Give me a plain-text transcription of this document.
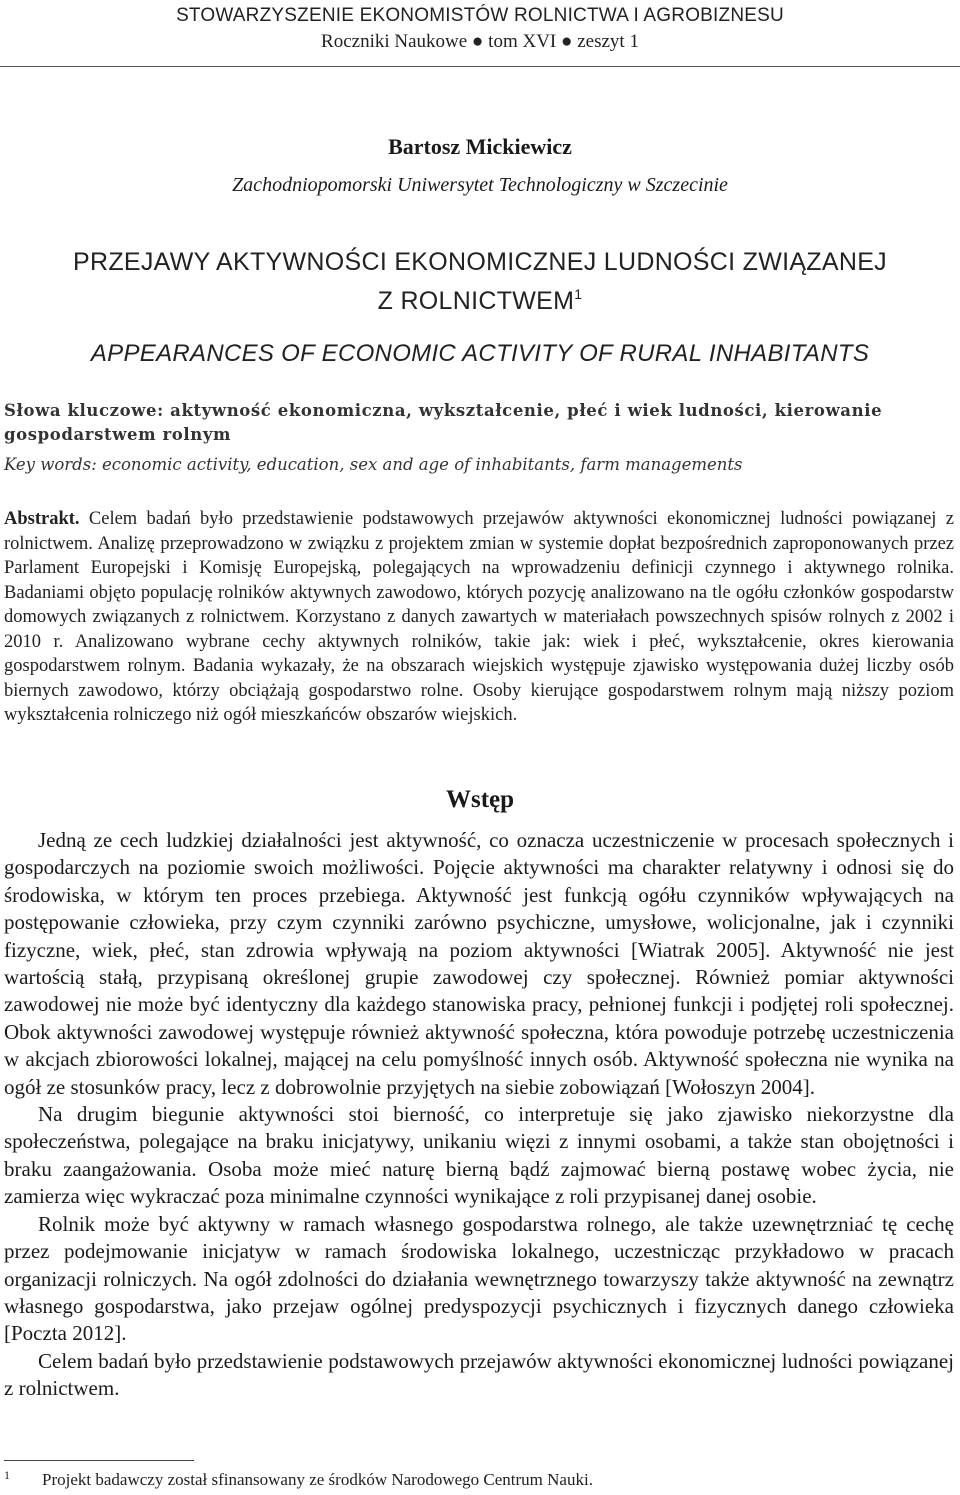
STOWARZYSZENIE EKONOMISTÓW ROLNICTWA I AGROBIZNESU
Roczniki Naukowe ● tom XVI ● zeszyt 1
Bartosz Mickiewicz
Zachodniopomorski Uniwersytet Technologiczny w Szczecinie
PRZEJAWY AKTYWNOŚCI EKONOMICZNEJ LUDNOŚCI ZWIĄZANEJ
Z ROLNICTWEM$^1$
APPEARANCES OF ECONOMIC ACTIVITY OF RURAL INHABITANTS
Słowa kluczowe: aktywność ekonomiczna, wykształcenie, płeć i wiek ludności, kierowanie gospodarstwem rolnym
Key words: economic activity, education, sex and age of inhabitants, farm managements
Abstrakt. Celem badań było przedstawienie podstawowych przejawów aktywności ekonomicznej ludności powiązanej z rolnictwem. Analizę przeprowadzono w związku z projektem zmian w systemie dopłat bezpośrednich zaproponowanych przez Parlament Europejski i Komisję Europejską, polegających na wprowadzeniu definicji czynnego i aktywnego rolnika. Badaniami objęto populację rolników aktywnych zawodowo, których pozycję analizowano na tle ogółu członków gospodarstw domowych związanych z rolnictwem. Korzystano z danych zawartych w materiałach powszechnych spisów rolnych z 2002 i 2010 r. Analizowano wybrane cechy aktywnych rolników, takie jak: wiek i płeć, wykształcenie, okres kierowania gospodarstwem rolnym. Badania wykazały, że na obszarach wiejskich występuje zjawisko występowania dużej liczby osób biernych zawodowo, którzy obciążają gospodarstwo rolne. Osoby kierujące gospodarstwem rolnym mają niższy poziom wykształcenia rolniczego niż ogół mieszkańców obszarów wiejskich.
Wstęp

Jedną ze cech ludzkiej działalności jest aktywność, co oznacza uczestniczenie w procesach społecznych i gospodarczych na poziomie swoich możliwości. Pojęcie aktywności ma charakter relatywny i odnosi się do środowiska, w którym ten proces przebiega. Aktywność jest funkcją ogółu czynników wpływających na postępowanie człowieka, przy czym czynniki zarówno psychiczne, umysłowe, wolicjonalne, jak i czynniki fizyczne, wiek, płeć, stan zdrowia wpływają na poziom aktywności [Wiatrak 2005]. Aktywność nie jest wartością stałą, przypisaną określonej grupie zawodowej czy społecznej. Również pomiar aktywności zawodowej nie może być identyczny dla każdego stanowiska pracy, pełnionej funkcji i podjętej roli społecznej. Obok aktywności zawodowej występuje również aktywność społeczna, która powoduje potrzebę uczestniczenia w akcjach zbiorowości lokalnej, mającej na celu pomyślność innych osób. Aktywność społeczna nie wynika na ogół ze stosunków pracy, lecz z dobrowolnie przyjętych na siebie zobowiązań [Wołoszyn 2004].

Na drugim biegunie aktywności stoi bierność, co interpretuje się jako zjawisko niekorzystne dla społeczeństwa, polegające na braku inicjatywy, unikaniu więzi z innymi osobami, a także stan obojętności i braku zaangażowania. Osoba może mieć naturę bierną bądź zajmować bierną postawę wobec życia, nie zamierza więc wykraczać poza minimalne czynności wynikające z roli przypisanej danej osobie.

Rolnik może być aktywny w ramach własnego gospodarstwa rolnego, ale także uzewnętrzniać tę cechę przez podejmowanie inicjatyw w ramach środowiska lokalnego, uczestnicząc przykładowo w pracach organizacji rolniczych. Na ogół zdolności do działania wewnętrznego towarzyszy także aktywność na zewnątrz własnego gospodarstwa, jako przejaw ogólnej predyspozycji psychicznych i fizycznych danego człowieka [Poczta 2012].

Celem badań było przedstawienie podstawowych przejawów aktywności ekonomicznej ludności powiązanej z rolnictwem.

1 Projekt badawczy został sfinansowany ze środków Narodowego Centrum Nauki.
